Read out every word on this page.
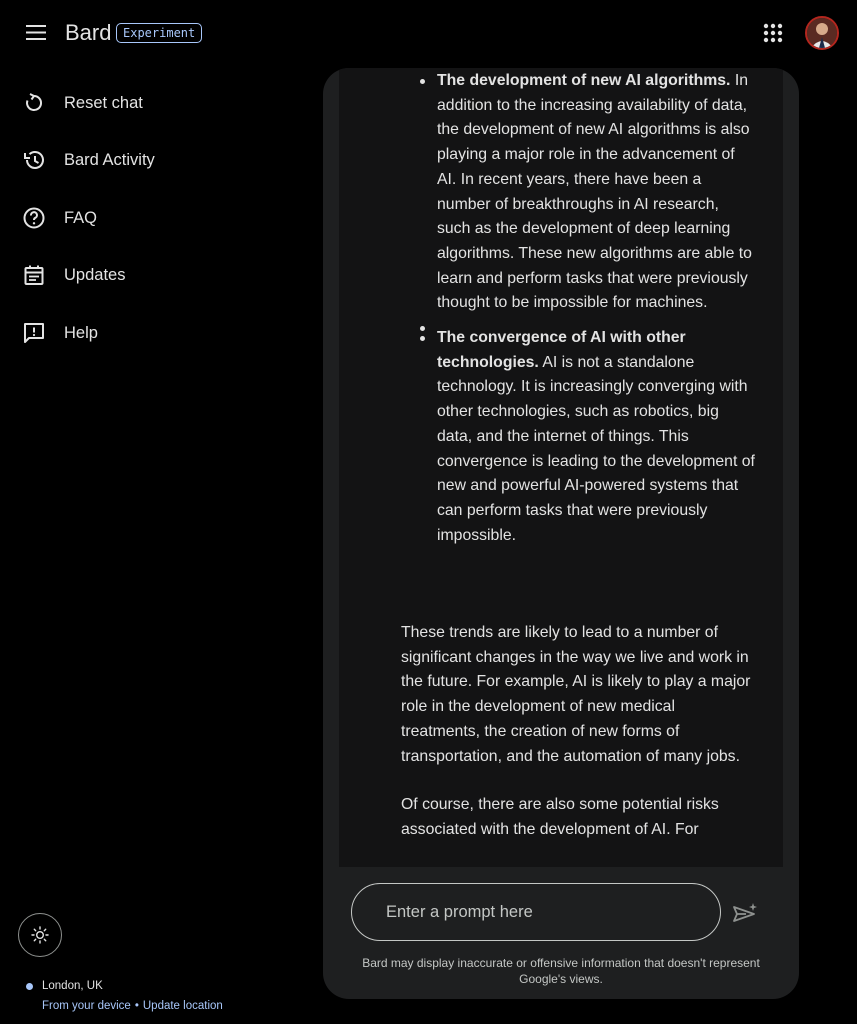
Bard Experiment
Reset chat
Bard Activity
FAQ
Updates
Help
London, UK
From your device • Update location
The development of new AI algorithms. In addition to the increasing availability of data, the development of new AI algorithms is also playing a major role in the advancement of AI. In recent years, there have been a number of breakthroughs in AI research, such as the development of deep learning algorithms. These new algorithms are able to learn and perform tasks that were previously thought to be impossible for machines.
The convergence of AI with other technologies. AI is not a standalone technology. It is increasingly converging with other technologies, such as robotics, big data, and the internet of things. This convergence is leading to the development of new and powerful AI-powered systems that can perform tasks that were previously impossible.
These trends are likely to lead to a number of significant changes in the way we live and work in the future. For example, AI is likely to play a major role in the development of new medical treatments, the creation of new forms of transportation, and the automation of many jobs.
Of course, there are also some potential risks associated with the development of AI. For
Enter a prompt here
Bard may display inaccurate or offensive information that doesn't represent Google's views.
